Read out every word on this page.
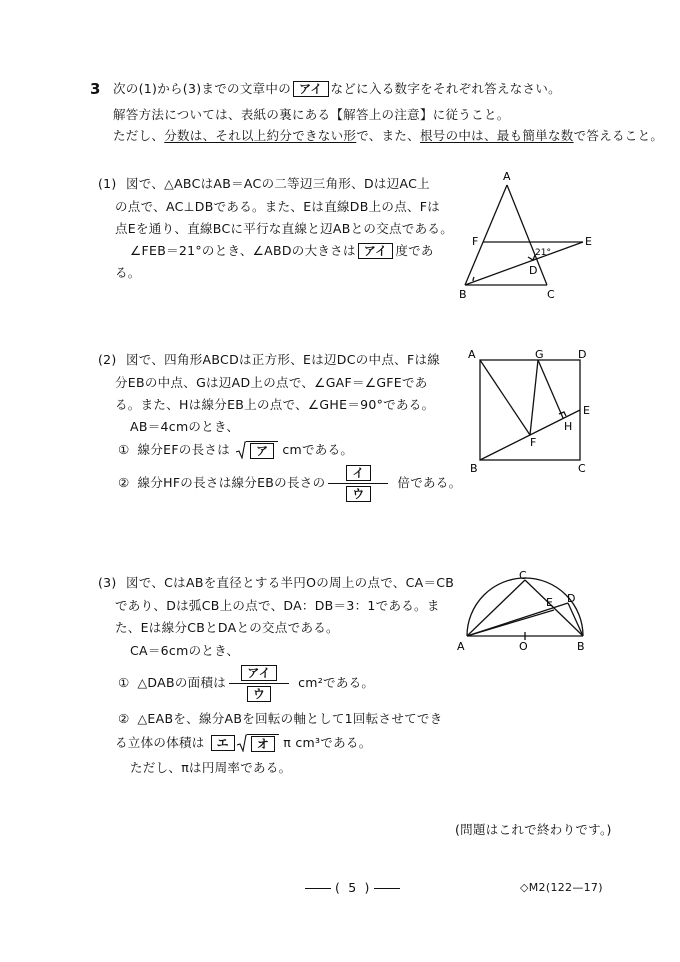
3 次の(1)から(3)までの文章中の アイ などに入る数字をそれぞれ答えなさい。
解答方法については、表紙の裏にある【解答上の注意】に従うこと。
ただし、分数は、それ以上約分できない形で、また、根号の中は、最も簡単な数で答えること。
(1) 図で、△ABCはAB＝ACの二等辺三角形、Dは辺AC上
の点で、AC⊥DBである。また、Eは直線DB上の点、Fは
点Eを通り、直線BCに平行な直線と辺ABとの交点である。
∠FEB＝21°のとき、∠ABDの大きさは アイ 度であ
る。
A
B	C
D
E
F
21°
(2) 図で、四角形ABCDは正方形、Eは辺DCの中点、Fは線
分EBの中点、Gは辺AD上の点で、∠GAF＝∠GFEであ
る。また、Hは線分EB上の点で、∠GHE＝90°である。
AB＝4cmのとき、
① 線分EFの長さは	ア	cmである。
② 線分HFの長さは線分EBの長さの $\frac{\text{イ}}{\text{ウ}}$ 倍である。
A
B	C
D
E
F
G
H
(3) 図で、CはABを直径とする半円Oの周上の点で、CA＝CB
であり、Dは弧CB上の点で、DA：DB＝3：1である。ま
た、Eは線分CBとDAとの交点である。
CA＝6cmのとき、
① △DABの面積は $\frac{\text{アイ}}{\text{ウ}} cm^2$である。
② △EABを、線分ABを回転の軸として1回転させてでき
る立体の体積は	エ	オ	π cm³である。
ただし、πは円周率である。
A	B
C
D
E
O
(問題はこれで終わりです。)
( 5 )	◇M2(122—17)
